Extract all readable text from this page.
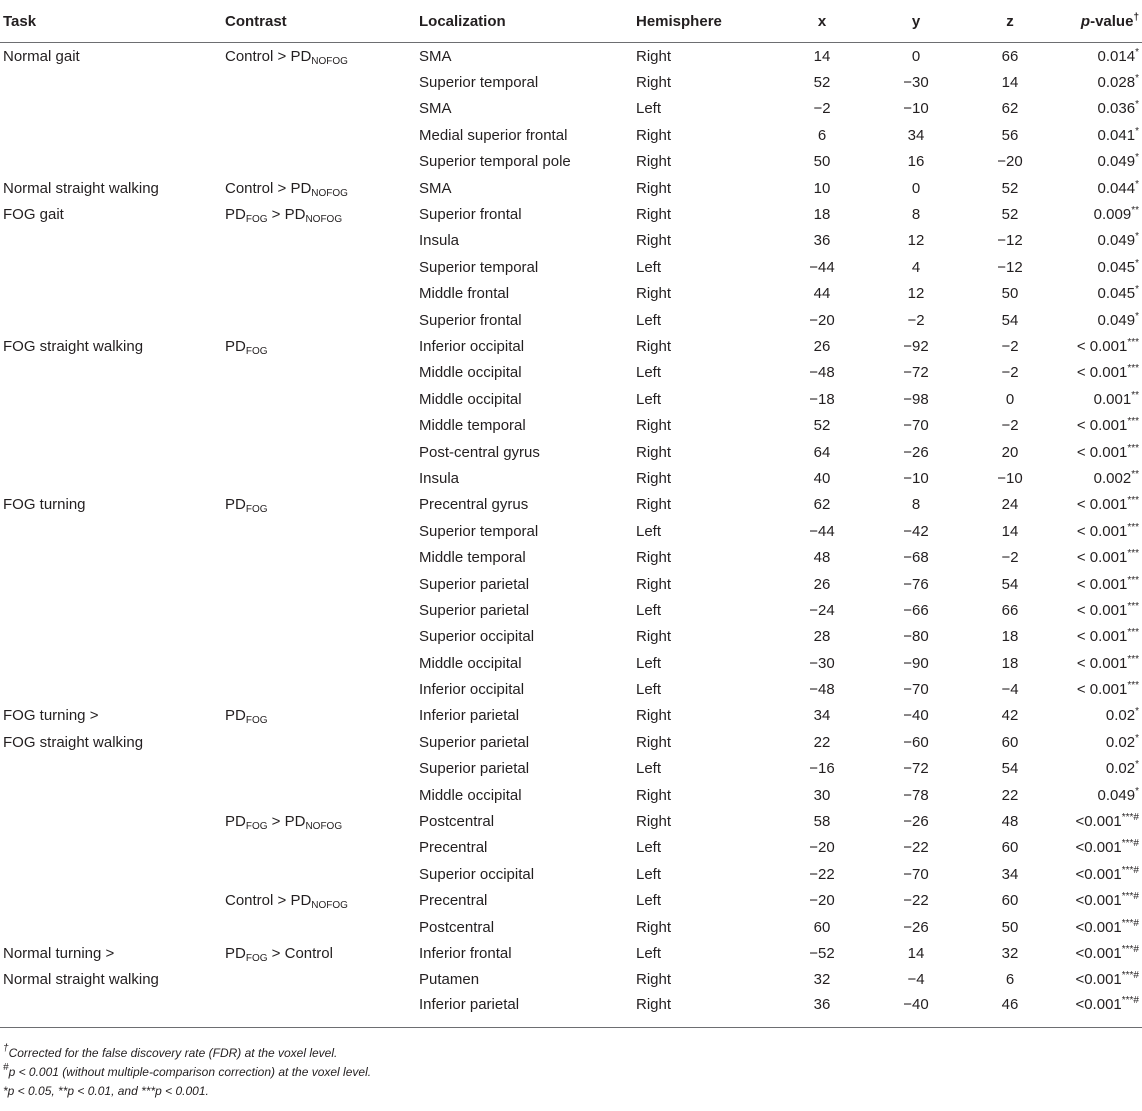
Task	Contrast	Localization	Hemisphere	x	y	z	p-value†
Normal gait	Control > $PD_{NOFOG}$	SMA	Right	14	0	66	0.014*
		Superior temporal	Right	52	−30	14	0.028*
		SMA	Left	−2	−10	62	0.036*
		Medial superior frontal	Right	6	34	56	0.041*
		Superior temporal pole	Right	50	16	−20	0.049*
Normal straight walking	Control > $PD_{NOFOG}$	SMA	Right	10	0	52	0.044*
FOG gait	$PD_{FOG} > PD_{NOFOG}$	Superior frontal	Right	18	8	52	0.009**
		Insula	Right	36	12	−12	0.049*
		Superior temporal	Left	−44	4	−12	0.045*
		Middle frontal	Right	44	12	50	0.045*
		Superior frontal	Left	−20	−2	54	0.049*
FOG straight walking	$PD_{FOG}$	Inferior occipital	Right	26	−92	−2	< 0.001***
		Middle occipital	Left	−48	−72	−2	< 0.001***
		Middle occipital	Left	−18	−98	0	0.001**
		Middle temporal	Right	52	−70	−2	< 0.001***
		Post-central gyrus	Right	64	−26	20	< 0.001***
		Insula	Right	40	−10	−10	0.002**
FOG turning	$PD_{FOG}$	Precentral gyrus	Right	62	8	24	< 0.001***
		Superior temporal	Left	−44	−42	14	< 0.001***
		Middle temporal	Right	48	−68	−2	< 0.001***
		Superior parietal	Right	26	−76	54	< 0.001***
		Superior parietal	Left	−24	−66	66	< 0.001***
		Superior occipital	Right	28	−80	18	< 0.001***
		Middle occipital	Left	−30	−90	18	< 0.001***
		Inferior occipital	Left	−48	−70	−4	< 0.001***
FOG turning >	$PD_{FOG}$	Inferior parietal	Right	34	−40	42	0.02*
FOG straight walking		Superior parietal	Right	22	−60	60	0.02*
		Superior parietal	Left	−16	−72	54	0.02*
		Middle occipital	Right	30	−78	22	0.049*
	$PD_{FOG} > PD_{NOFOG}$	Postcentral	Right	58	−26	48	<0.001***#
		Precentral	Left	−20	−22	60	<0.001***#
		Superior occipital	Left	−22	−70	34	<0.001***#
	Control > $PD_{NOFOG}$	Precentral	Left	−20	−22	60	<0.001***#
		Postcentral	Right	60	−26	50	<0.001***#
Normal turning >	$PD_{FOG}$ > Control	Inferior frontal	Left	−52	14	32	<0.001***#
Normal straight walking		Putamen	Right	32	−4	6	<0.001***#
		Inferior parietal	Right	36	−40	46	<0.001***#
†Corrected for the false discovery rate (FDR) at the voxel level.
#p < 0.001 (without multiple-comparison correction) at the voxel level.
*p < 0.05, **p < 0.01, and ***p < 0.001.
